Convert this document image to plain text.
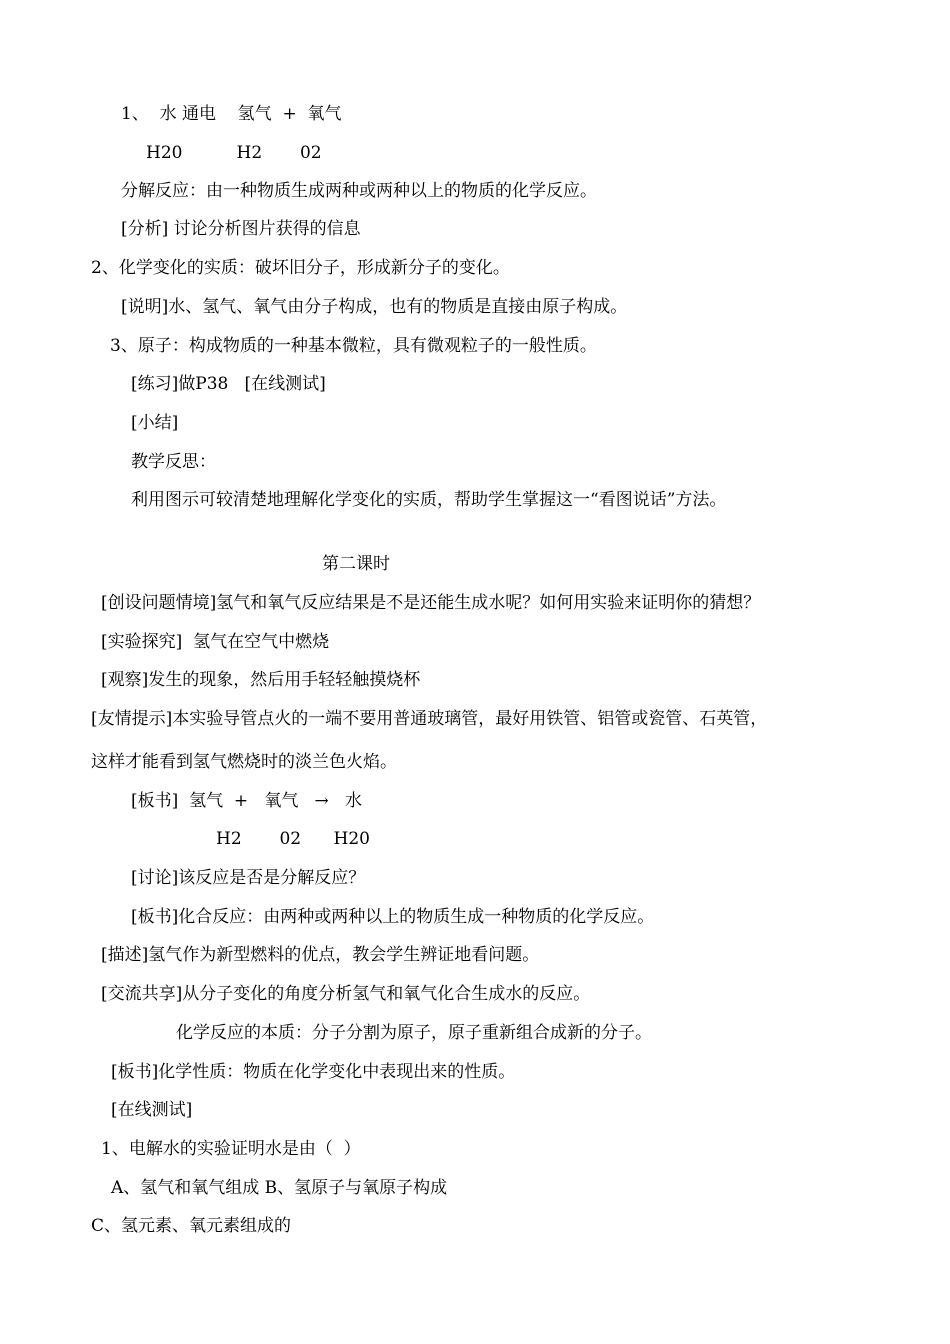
1、  水 通电    氢气  +  氧气
H20          H2       02
分解反应：由一种物质生成两种或两种以上的物质的化学反应。
[分析] 讨论分析图片获得的信息
2、化学变化的实质：破坏旧分子，形成新分子的变化。
[说明]水、氢气、氧气由分子构成，也有的物质是直接由原子构成。
3、原子：构成物质的一种基本微粒，具有微观粒子的一般性质。
[练习]做P38   [在线测试]
[小结]
教学反思：
利用图示可较清楚地理解化学变化的实质，帮助学生掌握这一“看图说话”方法。
第二课时
[创设问题情境]氢气和氧气反应结果是不是还能生成水呢？如何用实验来证明你的猜想？
[实验探究]  氢气在空气中燃烧
[观察]发生的现象，然后用手轻轻触摸烧杯
[友情提示]本实验导管点火的一端不要用普通玻璃管，最好用铁管、铝管或瓷管、石英管，
这样才能看到氢气燃烧时的淡兰色火焰。
[板书]  氢气  +   氧气   →   水
H2       02      H20
[讨论]该反应是否是分解反应？
[板书]化合反应：由两种或两种以上的物质生成一种物质的化学反应。
[描述]氢气作为新型燃料的优点，教会学生辨证地看问题。
[交流共享]从分子变化的角度分析氢气和氧气化合生成水的反应。
化学反应的本质：分子分割为原子，原子重新组合成新的分子。
[板书]化学性质：物质在化学变化中表现出来的性质。
[在线测试]
1、电解水的实验证明水是由（  ）
A、氢气和氧气组成 B、氢原子与氧原子构成
C、氢元素、氧元素组成的
